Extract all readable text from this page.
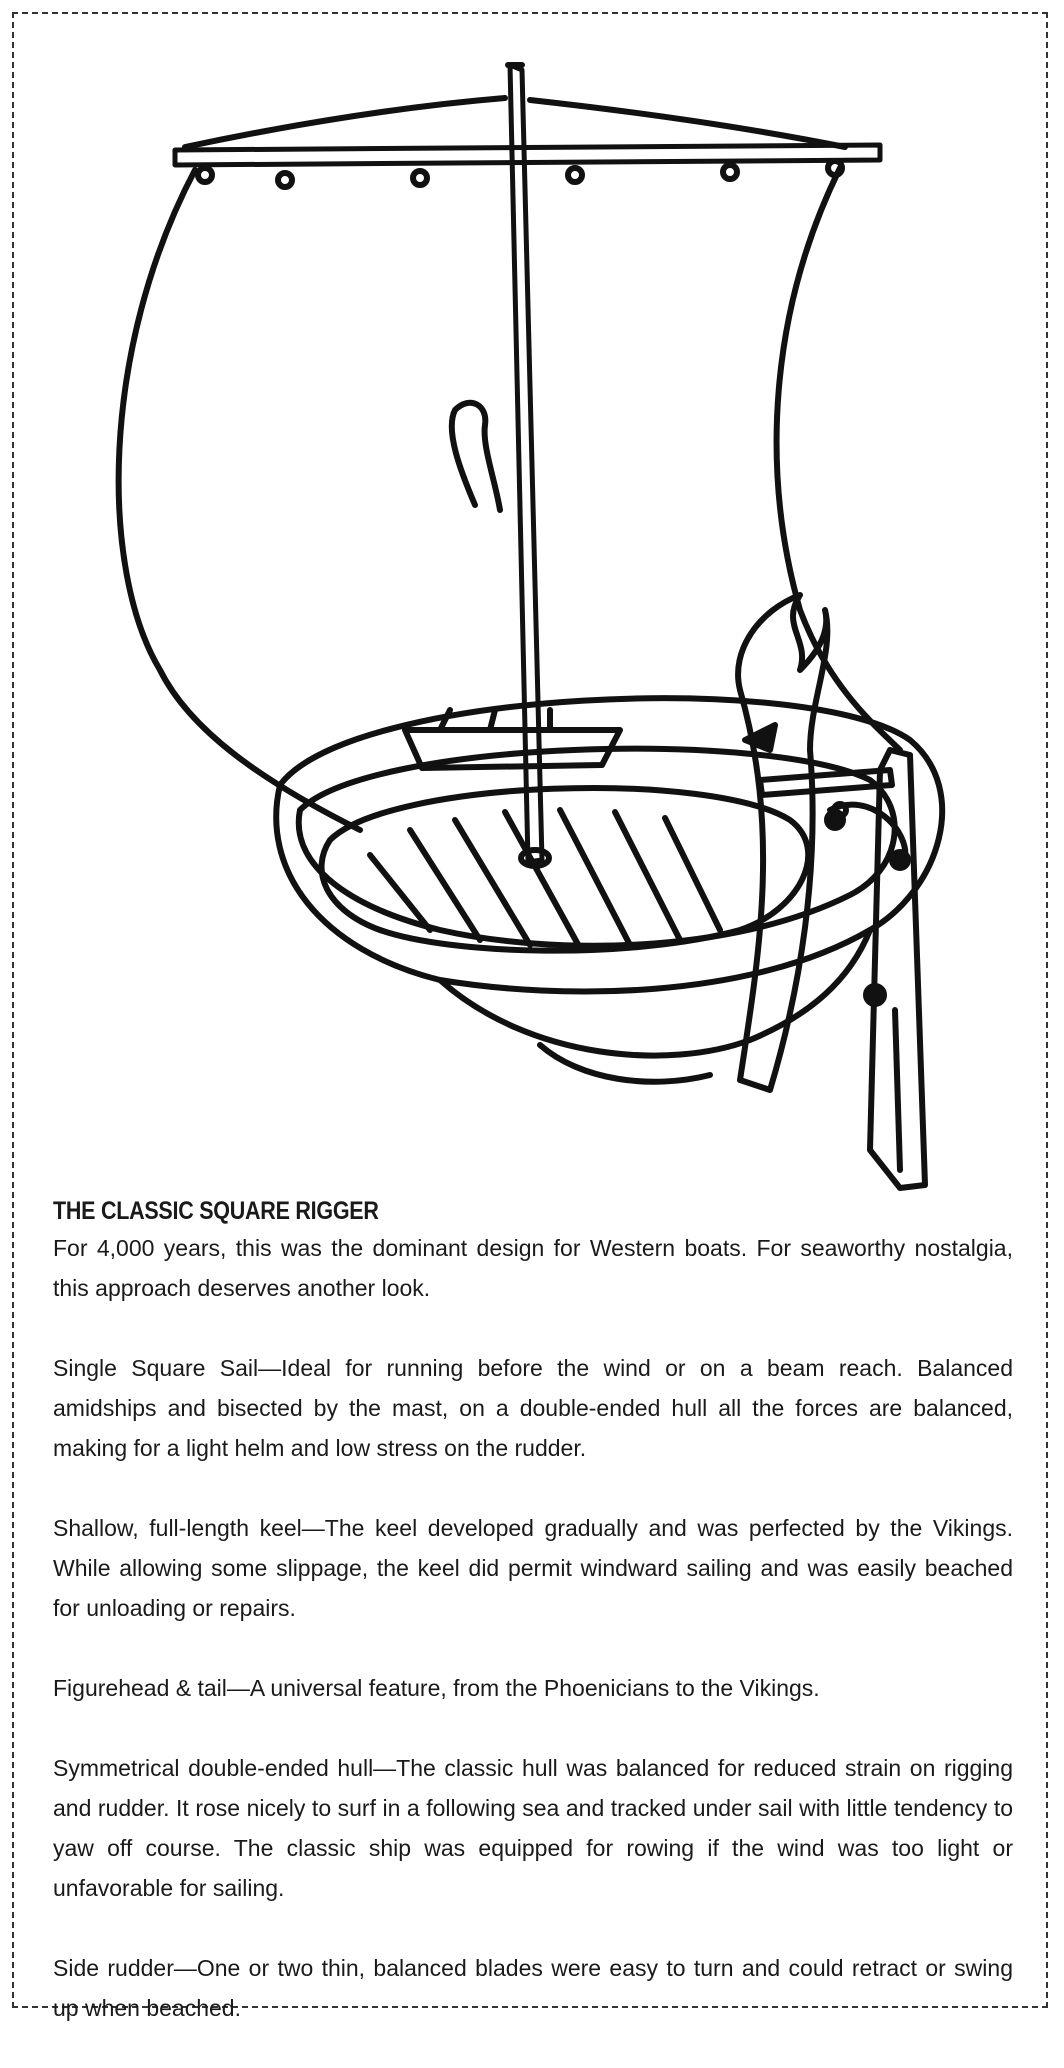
THE CLASSIC SQUARE RIGGER

For 4,000 years, this was the dominant design for Western boats. For seaworthy nostalgia, this approach deserves another look.

Single Square Sail—Ideal for running before the wind or on a beam reach. Balanced amidships and bisected by the mast, on a double-ended hull all the forces are balanced, making for a light helm and low stress on the rudder.

Shallow, full-length keel—The keel developed gradually and was perfected by the Vikings. While allowing some slippage, the keel did permit windward sailing and was easily beached for unloading or repairs.

Figurehead & tail—A universal feature, from the Phoenicians to the Vikings.

Symmetrical double-ended hull—The classic hull was balanced for reduced strain on rigging and rudder. It rose nicely to surf in a following sea and tracked under sail with little tendency to yaw off course. The classic ship was equipped for rowing if the wind was too light or unfavorable for sailing.

Side rudder—One or two thin, balanced blades were easy to turn and could retract or swing up when beached.
